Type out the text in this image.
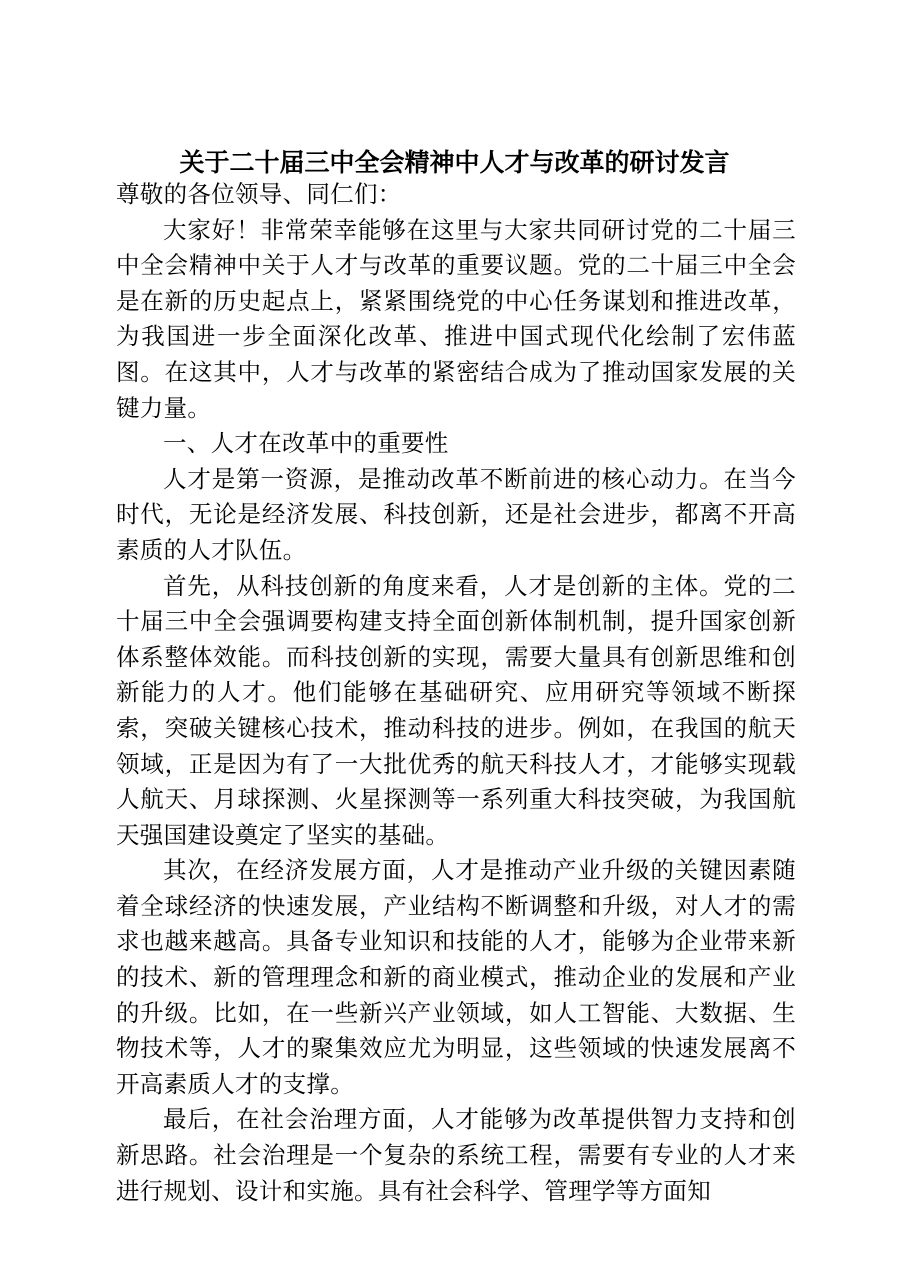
关于二十届三中全会精神中人才与改革的研讨发言

尊敬的各位领导、同仁们：

大家好！非常荣幸能够在这里与大家共同研讨党的二十届三中全会精神中关于人才与改革的重要议题。党的二十届三中全会是在新的历史起点上，紧紧围绕党的中心任务谋划和推进改革，为我国进一步全面深化改革、推进中国式现代化绘制了宏伟蓝图。在这其中，人才与改革的紧密结合成为了推动国家发展的关键力量。

一、人才在改革中的重要性

人才是第一资源，是推动改革不断前进的核心动力。在当今时代，无论是经济发展、科技创新，还是社会进步，都离不开高素质的人才队伍。

首先，从科技创新的角度来看，人才是创新的主体。党的二十届三中全会强调要构建支持全面创新体制机制，提升国家创新体系整体效能。而科技创新的实现，需要大量具有创新思维和创新能力的人才。他们能够在基础研究、应用研究等领域不断探索，突破关键核心技术，推动科技的进步。例如，在我国的航天领域，正是因为有了一大批优秀的航天科技人才，才能够实现载人航天、月球探测、火星探测等一系列重大科技突破，为我国航天强国建设奠定了坚实的基础。

其次，在经济发展方面，人才是推动产业升级的关键因素随着全球经济的快速发展，产业结构不断调整和升级，对人才的需求也越来越高。具备专业知识和技能的人才，能够为企业带来新的技术、新的管理理念和新的商业模式，推动企业的发展和产业的升级。比如，在一些新兴产业领域，如人工智能、大数据、生物技术等，人才的聚集效应尤为明显，这些领域的快速发展离不开高素质人才的支撑。

最后，在社会治理方面，人才能够为改革提供智力支持和创新思路。社会治理是一个复杂的系统工程，需要有专业的人才来进行规划、设计和实施。具有社会科学、管理学等方面知
